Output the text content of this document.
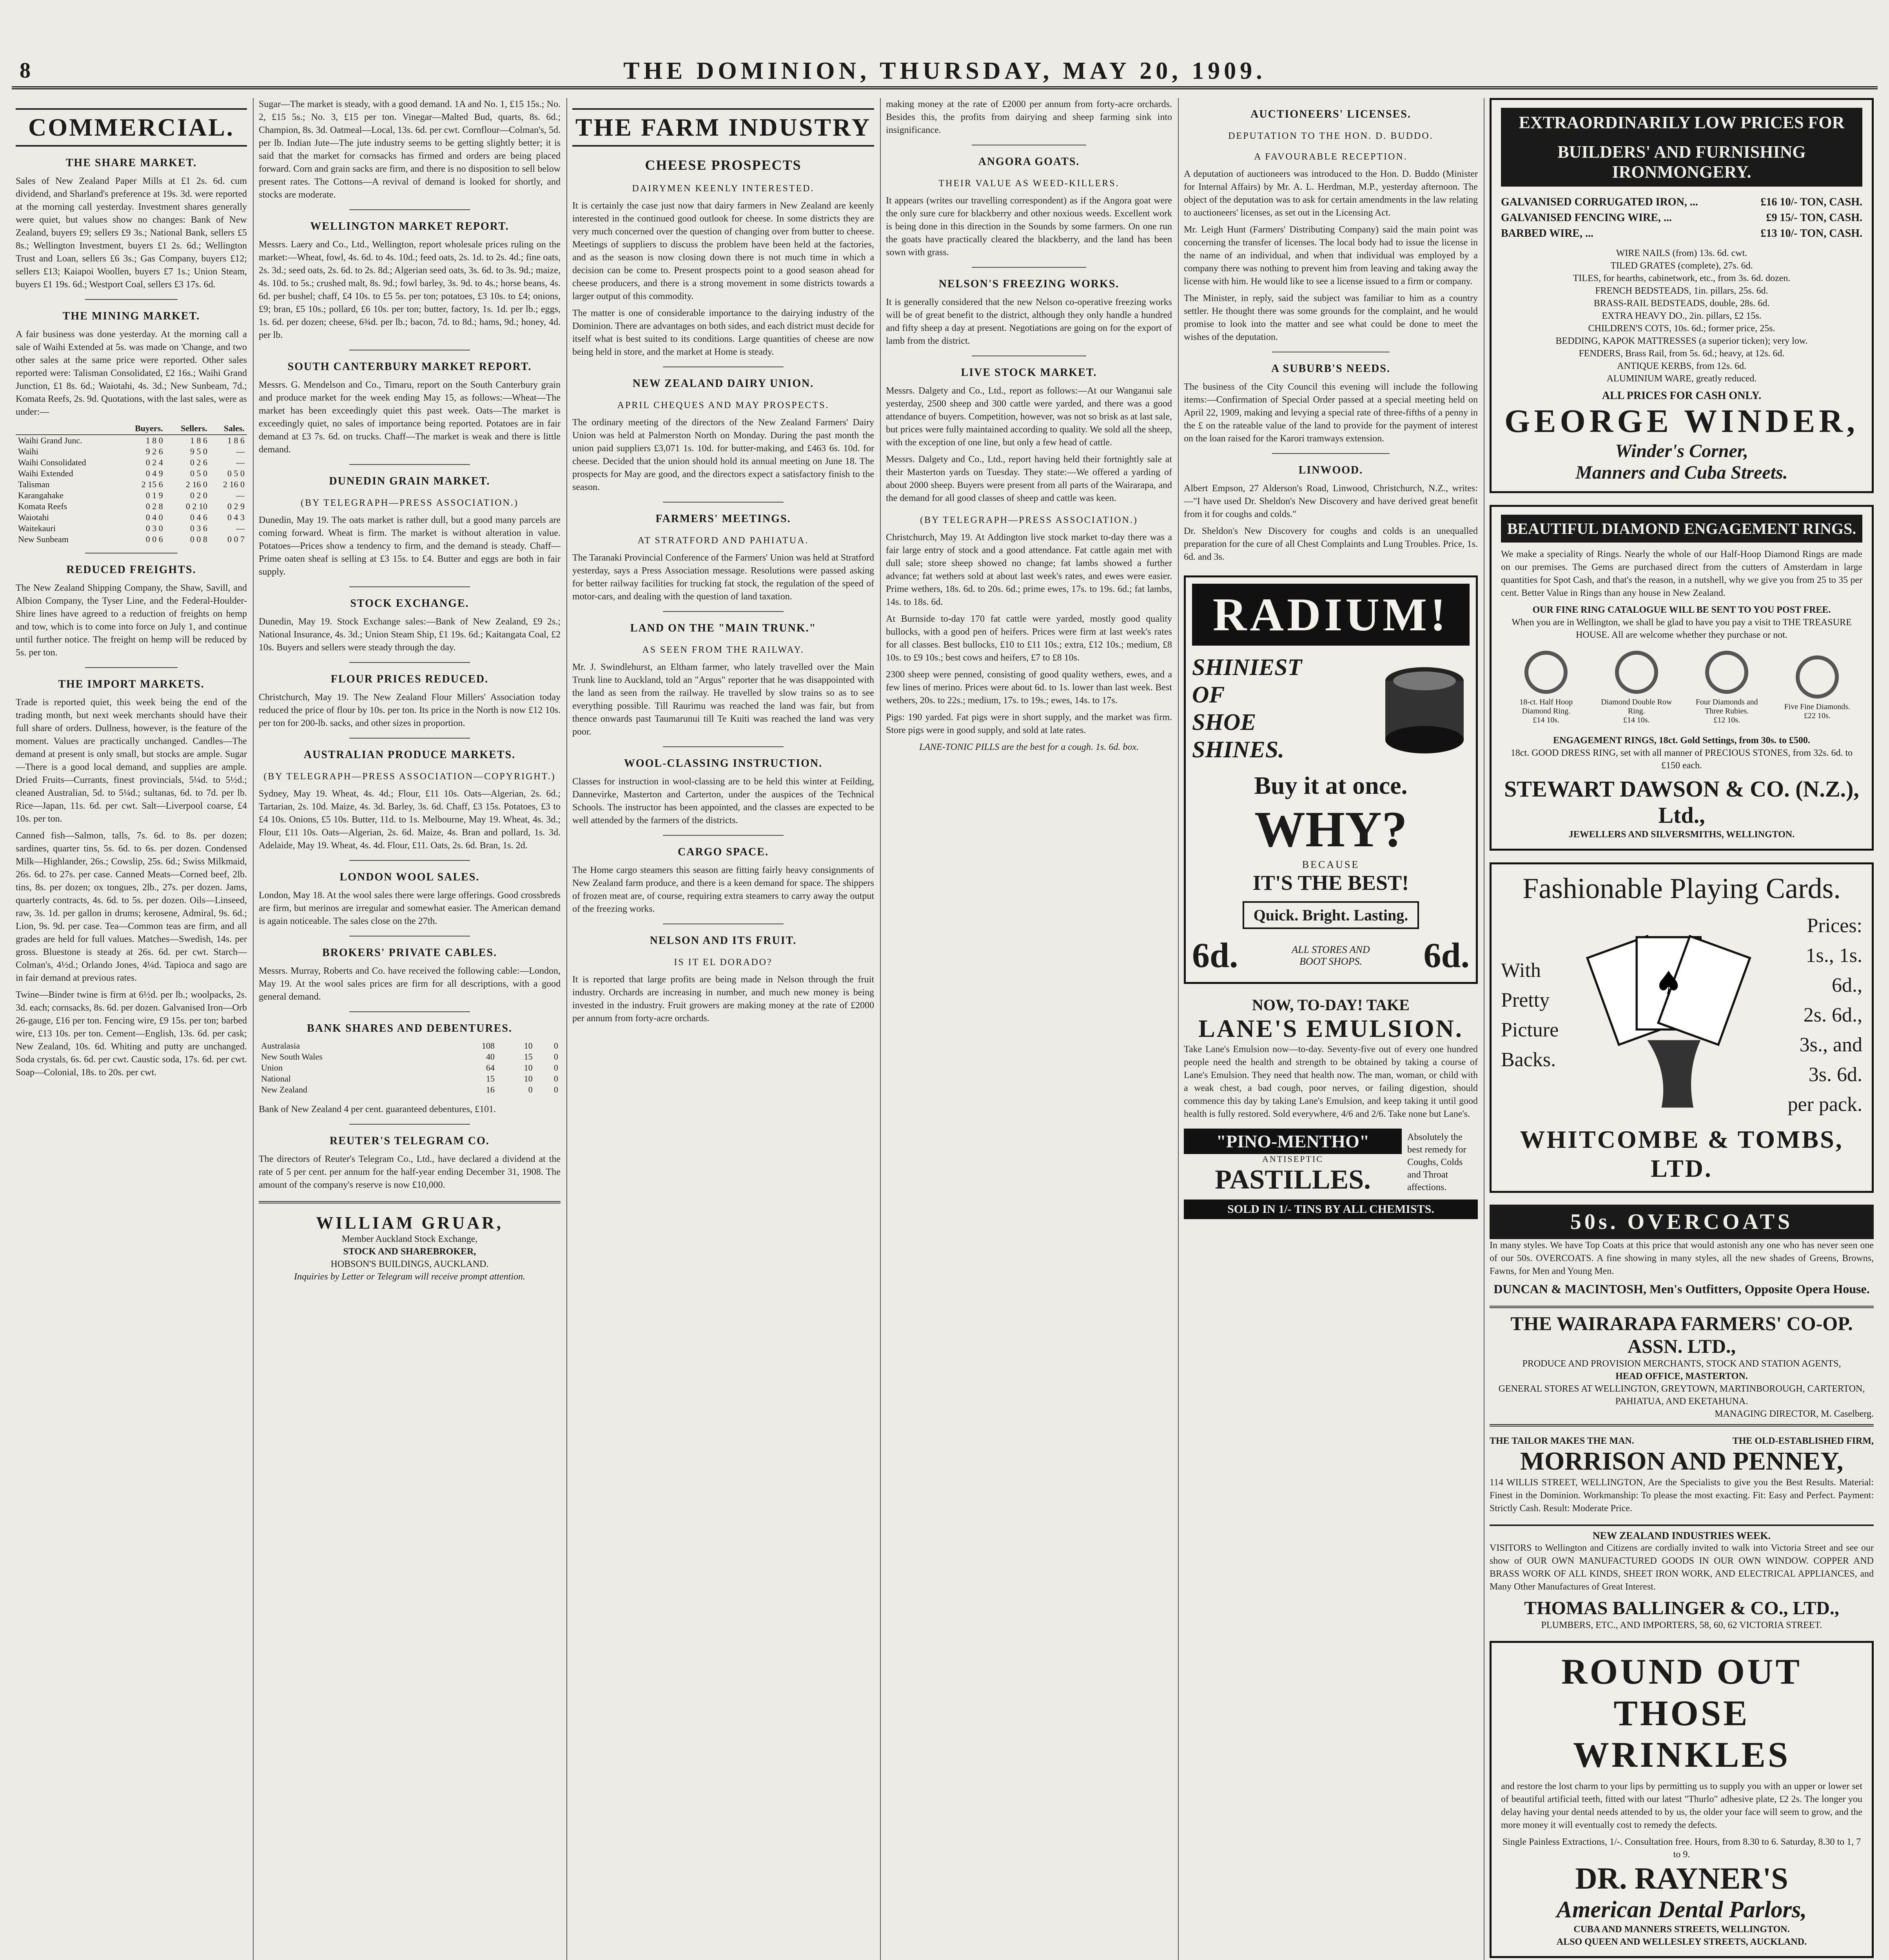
8	THE DOMINION, THURSDAY, MAY 20, 1909.
COMMERCIAL.
THE SHARE MARKET.

Sales of New Zealand Paper Mills at £1 2s. 6d. cum dividend, and Sharland's preference at 19s. 3d. were reported at the morning call yesterday. Investment shares generally were quiet, but values show no changes: Bank of New Zealand, buyers £9; sellers £9 3s.; National Bank, sellers £5 8s.; Wellington Investment, buyers £1 2s. 6d.; Wellington Trust and Loan, sellers £6 3s.; Gas Company, buyers £12; sellers £13; Kaiapoi Woollen, buyers £7 1s.; Union Steam, buyers £1 19s. 6d.; Westport Coal, sellers £3 17s. 6d.

THE MINING MARKET.

A fair business was done yesterday. At the morning call a sale of Waihi Extended at 5s. was made on 'Change, and two other sales at the same price were reported. Other sales reported were: Talisman Consolidated, £2 16s.; Waihi Grand Junction, £1 8s. 6d.; Waiotahi, 4s. 3d.; New Sunbeam, 7d.; Komata Reefs, 2s. 9d. Quotations, with the last sales, were as under:—

	Buyers.	Sellers.	Sales.
Waihi Grand Junc.	1 8 0	1 8 6	1 8 6
Waihi	9 2 6	9 5 0	—
Waihi Consolidated	0 2 4	0 2 6	—
Waihi Extended	0 4 9	0 5 0	0 5 0
Talisman	2 15 6	2 16 0	2 16 0
Karangahake	0 1 9	0 2 0	—
Komata Reefs	0 2 8	0 2 10	0 2 9
Waiotahi	0 4 0	0 4 6	0 4 3
Waitekauri	0 3 0	0 3 6	—
New Sunbeam	0 0 6	0 0 8	0 0 7
REDUCED FREIGHTS.

The New Zealand Shipping Company, the Shaw, Savill, and Albion Company, the Tyser Line, and the Federal-Houlder-Shire lines have agreed to a reduction of freights on hemp and tow, which is to come into force on July 1, and continue until further notice. The freight on hemp will be reduced by 5s. per ton.

THE IMPORT MARKETS.

Trade is reported quiet, this week being the end of the trading month, but next week merchants should have their full share of orders. Dullness, however, is the feature of the moment. Values are practically unchanged. Candles—The demand at present is only small, but stocks are ample. Sugar—There is a good local demand, and supplies are ample. Dried Fruits—Currants, finest provincials, 5¼d. to 5½d.; cleaned Australian, 5d. to 5¼d.; sultanas, 6d. to 7d. per lb. Rice—Japan, 11s. 6d. per cwt. Salt—Liverpool coarse, £4 10s. per ton.

Canned fish—Salmon, talls, 7s. 6d. to 8s. per dozen; sardines, quarter tins, 5s. 6d. to 6s. per dozen. Condensed Milk—Highlander, 26s.; Cowslip, 25s. 6d.; Swiss Milkmaid, 26s. 6d. to 27s. per case. Canned Meats—Corned beef, 2lb. tins, 8s. per dozen; ox tongues, 2lb., 27s. per dozen. Jams, quarterly contracts, 4s. 6d. to 5s. per dozen. Oils—Linseed, raw, 3s. 1d. per gallon in drums; kerosene, Admiral, 9s. 6d.; Lion, 9s. 9d. per case. Tea—Common teas are firm, and all grades are held for full values. Matches—Swedish, 14s. per gross. Bluestone is steady at 26s. 6d. per cwt. Starch—Colman's, 4½d.; Orlando Jones, 4¼d. Tapioca and sago are in fair demand at previous rates.

Twine—Binder twine is firm at 6½d. per lb.; woolpacks, 2s. 3d. each; cornsacks, 8s. 6d. per dozen. Galvanised Iron—Orb 26-gauge, £16 per ton. Fencing wire, £9 15s. per ton; barbed wire, £13 10s. per ton. Cement—English, 13s. 6d. per cask; New Zealand, 10s. 6d. Whiting and putty are unchanged. Soda crystals, 6s. 6d. per cwt. Caustic soda, 17s. 6d. per cwt. Soap—Colonial, 18s. to 20s. per cwt.

Sugar—The market is steady, with a good demand. 1A and No. 1, £15 15s.; No. 2, £15 5s.; No. 3, £15 per ton. Vinegar—Malted Bud, quarts, 8s. 6d.; Champion, 8s. 3d. Oatmeal—Local, 13s. 6d. per cwt. Cornflour—Colman's, 5d. per lb. Indian Jute—The jute industry seems to be getting slightly better; it is said that the market for cornsacks has firmed and orders are being placed forward. Corn and grain sacks are firm, and there is no disposition to sell below present rates. The Cottons—A revival of demand is looked for shortly, and stocks are moderate.

WELLINGTON MARKET REPORT.

Messrs. Laery and Co., Ltd., Wellington, report wholesale prices ruling on the market:—Wheat, fowl, 4s. 6d. to 4s. 10d.; feed oats, 2s. 1d. to 2s. 4d.; fine oats, 2s. 3d.; seed oats, 2s. 6d. to 2s. 8d.; Algerian seed oats, 3s. 6d. to 3s. 9d.; maize, 4s. 10d. to 5s.; crushed malt, 8s. 9d.; fowl barley, 3s. 9d. to 4s.; horse beans, 4s. 6d. per bushel; chaff, £4 10s. to £5 5s. per ton; potatoes, £3 10s. to £4; onions, £9; bran, £5 10s.; pollard, £6 10s. per ton; butter, factory, 1s. 1d. per lb.; eggs, 1s. 6d. per dozen; cheese, 6¾d. per lb.; bacon, 7d. to 8d.; hams, 9d.; honey, 4d. per lb.

SOUTH CANTERBURY MARKET REPORT.

Messrs. G. Mendelson and Co., Timaru, report on the South Canterbury grain and produce market for the week ending May 15, as follows:—Wheat—The market has been exceedingly quiet this past week. Oats—The market is exceedingly quiet, no sales of importance being reported. Potatoes are in fair demand at £3 7s. 6d. on trucks. Chaff—The market is weak and there is little demand.

DUNEDIN GRAIN MARKET.
(BY TELEGRAPH—PRESS ASSOCIATION.)

Dunedin, May 19. The oats market is rather dull, but a good many parcels are coming forward. Wheat is firm. The market is without alteration in value. Potatoes—Prices show a tendency to firm, and the demand is steady. Chaff—Prime oaten sheaf is selling at £3 15s. to £4. Butter and eggs are both in fair supply.

STOCK EXCHANGE.

Dunedin, May 19. Stock Exchange sales:—Bank of New Zealand, £9 2s.; National Insurance, 4s. 3d.; Union Steam Ship, £1 19s. 6d.; Kaitangata Coal, £2 10s. Buyers and sellers were steady through the day.

FLOUR PRICES REDUCED.

Christchurch, May 19. The New Zealand Flour Millers' Association today reduced the price of flour by 10s. per ton. Its price in the North is now £12 10s. per ton for 200-lb. sacks, and other sizes in proportion.

AUSTRALIAN PRODUCE MARKETS.
(BY TELEGRAPH—PRESS ASSOCIATION—COPYRIGHT.)

Sydney, May 19. Wheat, 4s. 4d.; Flour, £11 10s. Oats—Algerian, 2s. 6d.; Tartarian, 2s. 10d. Maize, 4s. 3d. Barley, 3s. 6d. Chaff, £3 15s. Potatoes, £3 to £4 10s. Onions, £5 10s. Butter, 11d. to 1s. Melbourne, May 19. Wheat, 4s. 3d.; Flour, £11 10s. Oats—Algerian, 2s. 6d. Maize, 4s. Bran and pollard, 1s. 3d. Adelaide, May 19. Wheat, 4s. 4d. Flour, £11. Oats, 2s. 6d. Bran, 1s. 2d.

LONDON WOOL SALES.

London, May 18. At the wool sales there were large offerings. Good crossbreds are firm, but merinos are irregular and somewhat easier. The American demand is again noticeable. The sales close on the 27th.

BROKERS' PRIVATE CABLES.

Messrs. Murray, Roberts and Co. have received the following cable:—London, May 19. At the wool sales prices are firm for all descriptions, with a good general demand.

BANK SHARES AND DEBENTURES.
Australasia	108	10	0
New South Wales	40	15	0
Union	64	10	0
National	15	10	0
New Zealand	16	0	0

Bank of New Zealand 4 per cent. guaranteed debentures, £101.

REUTER'S TELEGRAM CO.

The directors of Reuter's Telegram Co., Ltd., have declared a dividend at the rate of 5 per cent. per annum for the half-year ending December 31, 1908. The amount of the company's reserve is now £10,000.

WILLIAM GRUAR,
Member Auckland Stock Exchange,
STOCK AND SHAREBROKER,
HOBSON'S BUILDINGS, AUCKLAND.
Inquiries by Letter or Telegram will receive prompt attention.
THE FARM INDUSTRY
CHEESE PROSPECTS
DAIRYMEN KEENLY INTERESTED.

It is certainly the case just now that dairy farmers in New Zealand are keenly interested in the continued good outlook for cheese. In some districts they are very much concerned over the question of changing over from butter to cheese. Meetings of suppliers to discuss the problem have been held at the factories, and as the season is now closing down there is not much time in which a decision can be come to. Present prospects point to a good season ahead for cheese producers, and there is a strong movement in some districts towards a larger output of this commodity.

The matter is one of considerable importance to the dairying industry of the Dominion. There are advantages on both sides, and each district must decide for itself what is best suited to its conditions. Large quantities of cheese are now being held in store, and the market at Home is steady.

NEW ZEALAND DAIRY UNION.
APRIL CHEQUES AND MAY PROSPECTS.

The ordinary meeting of the directors of the New Zealand Farmers' Dairy Union was held at Palmerston North on Monday. During the past month the union paid suppliers £3,071 1s. 10d. for butter-making, and £463 6s. 10d. for cheese. Decided that the union should hold its annual meeting on June 18. The prospects for May are good, and the directors expect a satisfactory finish to the season.

FARMERS' MEETINGS.
AT STRATFORD AND PAHIATUA.

The Taranaki Provincial Conference of the Farmers' Union was held at Stratford yesterday, says a Press Association message. Resolutions were passed asking for better railway facilities for trucking fat stock, the regulation of the speed of motor-cars, and dealing with the question of land taxation.

LAND ON THE "MAIN TRUNK."
AS SEEN FROM THE RAILWAY.

Mr. J. Swindlehurst, an Eltham farmer, who lately travelled over the Main Trunk line to Auckland, told an "Argus" reporter that he was disappointed with the land as seen from the railway. He travelled by slow trains so as to see everything possible. Till Raurimu was reached the land was fair, but from thence onwards past Taumarunui till Te Kuiti was reached the land was very poor.

WOOL-CLASSING INSTRUCTION.

Classes for instruction in wool-classing are to be held this winter at Feilding, Dannevirke, Masterton and Carterton, under the auspices of the Technical Schools. The instructor has been appointed, and the classes are expected to be well attended by the farmers of the districts.

CARGO SPACE.

The Home cargo steamers this season are fitting fairly heavy consignments of New Zealand farm produce, and there is a keen demand for space. The shippers of frozen meat are, of course, requiring extra steamers to carry away the output of the freezing works.

NELSON AND ITS FRUIT.
IS IT EL DORADO?

It is reported that large profits are being made in Nelson through the fruit industry. Orchards are increasing in number, and much new money is being invested in the industry. Fruit growers are making money at the rate of £2000 per annum from forty-acre orchards.

making money at the rate of £2000 per annum from forty-acre orchards. Besides this, the profits from dairying and sheep farming sink into insignificance.

ANGORA GOATS.
THEIR VALUE AS WEED-KILLERS.

It appears (writes our travelling correspondent) as if the Angora goat were the only sure cure for blackberry and other noxious weeds. Excellent work is being done in this direction in the Sounds by some farmers. On one run the goats have practically cleared the blackberry, and the land has been sown with grass.

NELSON'S FREEZING WORKS.

It is generally considered that the new Nelson co-operative freezing works will be of great benefit to the district, although they only handle a hundred and fifty sheep a day at present. Negotiations are going on for the export of lamb from the district.

LIVE STOCK MARKET.

Messrs. Dalgety and Co., Ltd., report as follows:—At our Wanganui sale yesterday, 2500 sheep and 300 cattle were yarded, and there was a good attendance of buyers. Competition, however, was not so brisk as at last sale, but prices were fully maintained according to quality. We sold all the sheep, with the exception of one line, but only a few head of cattle.

Messrs. Dalgety and Co., Ltd., report having held their fortnightly sale at their Masterton yards on Tuesday. They state:—We offered a yarding of about 2000 sheep. Buyers were present from all parts of the Wairarapa, and the demand for all good classes of sheep and cattle was keen.

(BY TELEGRAPH—PRESS ASSOCIATION.)

Christchurch, May 19. At Addington live stock market to-day there was a fair large entry of stock and a good attendance. Fat cattle again met with dull sale; store sheep showed no change; fat lambs showed a further advance; fat wethers sold at about last week's rates, and ewes were easier. Prime wethers, 18s. 6d. to 20s. 6d.; prime ewes, 17s. to 19s. 6d.; fat lambs, 14s. to 18s. 6d.

At Burnside to-day 170 fat cattle were yarded, mostly good quality bullocks, with a good pen of heifers. Prices were firm at last week's rates for all classes. Best bullocks, £10 to £11 10s.; extra, £12 10s.; medium, £8 10s. to £9 10s.; best cows and heifers, £7 to £8 10s.

2300 sheep were penned, consisting of good quality wethers, ewes, and a few lines of merino. Prices were about 6d. to 1s. lower than last week. Best wethers, 20s. to 22s.; medium, 17s. to 19s.; ewes, 14s. to 17s.

Pigs: 190 yarded. Fat pigs were in short supply, and the market was firm. Store pigs were in good supply, and sold at late rates.

LANE-TONIC PILLS are the best for a cough. 1s. 6d. box.

AUCTIONEERS' LICENSES.
DEPUTATION TO THE HON. D. BUDDO.
A FAVOURABLE RECEPTION.

A deputation of auctioneers was introduced to the Hon. D. Buddo (Minister for Internal Affairs) by Mr. A. L. Herdman, M.P., yesterday afternoon. The object of the deputation was to ask for certain amendments in the law relating to auctioneers' licenses, as set out in the Licensing Act.

Mr. Leigh Hunt (Farmers' Distributing Company) said the main point was concerning the transfer of licenses. The local body had to issue the license in the name of an individual, and when that individual was employed by a company there was nothing to prevent him from leaving and taking away the license with him. He would like to see a license issued to a firm or company.

The Minister, in reply, said the subject was familiar to him as a country settler. He thought there was some grounds for the complaint, and he would promise to look into the matter and see what could be done to meet the wishes of the deputation.

A SUBURB'S NEEDS.

The business of the City Council this evening will include the following items:—Confirmation of Special Order passed at a special meeting held on April 22, 1909, making and levying a special rate of three-fifths of a penny in the £ on the rateable value of the land to provide for the payment of interest on the loan raised for the Karori tramways extension.

LINWOOD.

Albert Empson, 27 Alderson's Road, Linwood, Christchurch, N.Z., writes:—"I have used Dr. Sheldon's New Discovery and have derived great benefit from it for coughs and colds."

Dr. Sheldon's New Discovery for coughs and colds is an unequalled preparation for the cure of all Chest Complaints and Lung Troubles. Price, 1s. 6d. and 3s.

RADIUM!
SHINIEST
OF
SHOE
SHINES.
Buy it at once.
WHY?
BECAUSE
IT'S THE BEST!
Quick. Bright. Lasting.
6d.	ALL STORES AND BOOT SHOPS.	6d.
NOW, TO-DAY! TAKE
LANE'S EMULSION.

Take Lane's Emulsion now—to-day. Seventy-five out of every one hundred people need the health and strength to be obtained by taking a course of Lane's Emulsion. They need that health now. The man, woman, or child with a weak chest, a bad cough, poor nerves, or failing digestion, should commence this day by taking Lane's Emulsion, and keep taking it until good health is fully restored. Sold everywhere, 4/6 and 2/6. Take none but Lane's.

"PINO-MENTHO"
ANTISEPTIC
PASTILLES.
Absolutely the best remedy for Coughs, Colds and Throat affections.
SOLD IN 1/- TINS BY ALL CHEMISTS.
EXTRAORDINARILY LOW PRICES FOR
BUILDERS' AND FURNISHING IRONMONGERY.
GALVANISED CORRUGATED IRON, ...	£16 10/- TON, CASH.
GALVANISED FENCING WIRE, ...	£9 15/- TON, CASH.
BARBED WIRE, ...	£13 10/- TON, CASH.
WIRE NAILS (from) 13s. 6d. cwt.
TILED GRATES (complete), 27s. 6d.
TILES, for hearths, cabinetwork, etc., from 3s. 6d. dozen.
FRENCH BEDSTEADS, 1in. pillars, 25s. 6d.
BRASS-RAIL BEDSTEADS, double, 28s. 6d.
EXTRA HEAVY DO., 2in. pillars, £2 15s.
CHILDREN'S COTS, 10s. 6d.; former price, 25s.
BEDDING, KAPOK MATTRESSES (a superior ticken); very low.
FENDERS, Brass Rail, from 5s. 6d.; heavy, at 12s. 6d.
ANTIQUE KERBS, from 12s. 6d.
ALUMINIUM WARE, greatly reduced.
ALL PRICES FOR CASH ONLY.
GEORGE WINDER,
Winder's Corner,
Manners and Cuba Streets.
BEAUTIFUL DIAMOND ENGAGEMENT RINGS.

We make a speciality of Rings. Nearly the whole of our Half-Hoop Diamond Rings are made on our premises. The Gems are purchased direct from the cutters of Amsterdam in large quantities for Spot Cash, and that's the reason, in a nutshell, why we give you from 25 to 35 per cent. Better Value in Rings than any house in New Zealand.

OUR FINE RING CATALOGUE WILL BE SENT TO YOU POST FREE.
When you are in Wellington, we shall be glad to have you pay a visit to THE TREASURE HOUSE. All are welcome whether they purchase or not.
18-ct. Half Hoop Diamond Ring.
£14 10s.
Diamond Double Row Ring.
£14 10s.
Four Diamonds and Three Rubies.
£12 10s.
Five Fine Diamonds.
£22 10s.
ENGAGEMENT RINGS, 18ct. Gold Settings, from 30s. to £500.
18ct. GOOD DRESS RING, set with all manner of PRECIOUS STONES, from 32s. 6d. to £150 each.
STEWART DAWSON & CO. (N.Z.), Ltd.,
JEWELLERS AND SILVERSMITHS, WELLINGTON.
Fashionable Playing Cards.
With
Pretty
Picture
Backs.
♠
Prices:
1s., 1s. 6d.,
2s. 6d.,
3s., and
3s. 6d.
per pack.
WHITCOMBE & TOMBS, LTD.
50s. OVERCOATS

In many styles. We have Top Coats at this price that would astonish any one who has never seen one of our 50s. OVERCOATS. A fine showing in many styles, all the new shades of Greens, Browns, Fawns, for Men and Young Men.

DUNCAN & MACINTOSH, Men's Outfitters, Opposite Opera House.
THE WAIRARAPA FARMERS' CO-OP. ASSN. LTD.,
PRODUCE AND PROVISION MERCHANTS, STOCK AND STATION AGENTS,
HEAD OFFICE, MASTERTON.
GENERAL STORES AT WELLINGTON, GREYTOWN, MARTINBOROUGH, CARTERTON, PAHIATUA, AND EKETAHUNA.
MANAGING DIRECTOR, M. Caselberg.
THE TAILOR MAKES THE MAN.	THE OLD-ESTABLISHED FIRM,
MORRISON AND PENNEY,

114 WILLIS STREET, WELLINGTON, Are the Specialists to give you the Best Results. Material: Finest in the Dominion. Workmanship: To please the most exacting. Fit: Easy and Perfect. Payment: Strictly Cash. Result: Moderate Price.

NEW ZEALAND INDUSTRIES WEEK.

VISITORS to Wellington and Citizens are cordially invited to walk into Victoria Street and see our show of OUR OWN MANUFACTURED GOODS IN OUR OWN WINDOW. COPPER AND BRASS WORK OF ALL KINDS, SHEET IRON WORK, AND ELECTRICAL APPLIANCES, and Many Other Manufactures of Great Interest.

THOMAS BALLINGER & CO., LTD.,
PLUMBERS, ETC., AND IMPORTERS, 58, 60, 62 VICTORIA STREET.
ROUND OUT
THOSE WRINKLES

and restore the lost charm to your lips by permitting us to supply you with an upper or lower set of beautiful artificial teeth, fitted with our latest "Thurlo" adhesive plate, £2 2s. The longer you delay having your dental needs attended to by us, the older your face will seem to grow, and the more money it will eventually cost to remedy the defects.

Single Painless Extractions, 1/-. Consultation free. Hours, from 8.30 to 6. Saturday, 8.30 to 1, 7 to 9.
DR. RAYNER'S
American Dental Parlors,
CUBA AND MANNERS STREETS, WELLINGTON.
ALSO QUEEN AND WELLESLEY STREETS, AUCKLAND.
